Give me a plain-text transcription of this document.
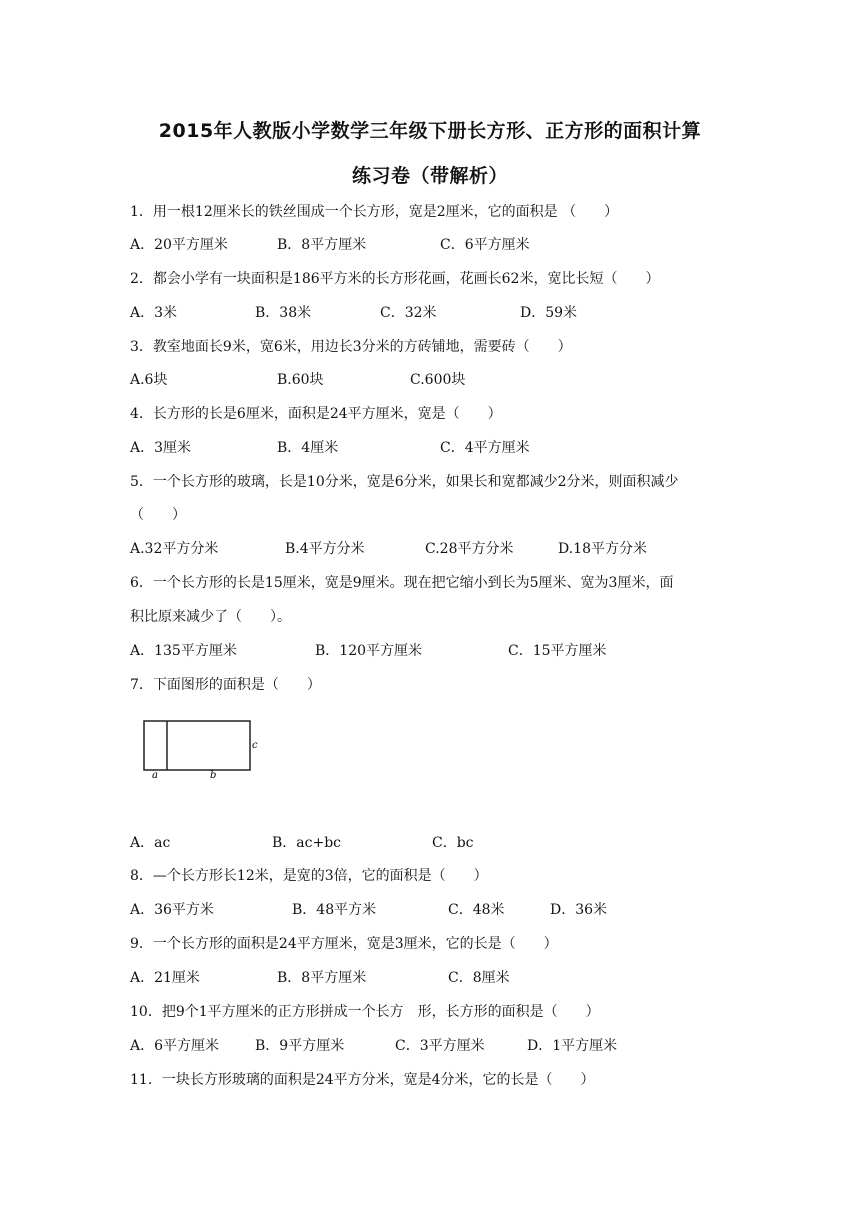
2015年人教版小学数学三年级下册长方形、正方形的面积计算
练习卷（带解析）
1．用一根12厘米长的铁丝围成一个长方形，宽是2厘米，它的面积是 （　　）
A．20平方厘米	B．8平方厘米	C．6平方厘米
2．都会小学有一块面积是186平方米的长方形花画，花画长62米，宽比长短（　　）
A．3米	B．38米	C．32米	D．59米
3．教室地面长9米，宽6米，用边长3分米的方砖铺地，需要砖（　　）
A.6块	B.60块	C.600块
4．长方形的长是6厘米，面积是24平方厘米，宽是（　　）
A．3厘米	B．4厘米	C．4平方厘米
5．一个长方形的玻璃，长是10分米，宽是6分米，如果长和宽都减少2分米，则面积减少
（　　）
A.32平方分米	B.4平方分米	C.28平方分米	D.18平方分米
6．一个长方形的长是15厘米，宽是9厘米。现在把它缩小到长为5厘米、宽为3厘米，面
积比原来减少了（　　）。
A．135平方厘米	B．120平方厘米	C．15平方厘米
7．下面图形的面积是（　　）
c
a	b
A．ac	B．ac+bc	C．bc
8．—个长方形长12米，是宽的3倍，它的面积是（　　）
A．36平方米	B．48平方米	C．48米	D．36米
9．一个长方形的面积是24平方厘米，宽是3厘米，它的长是（　　）
A．21厘米	B．8平方厘米	C．8厘米
10．把9个1平方厘米的正方形拼成一个长方　形，长方形的面积是（　　）
A．6平方厘米	B．9平方厘米	C．3平方厘米	D．1平方厘米
11．一块长方形玻璃的面积是24平方分米，宽是4分米，它的长是（　　）
